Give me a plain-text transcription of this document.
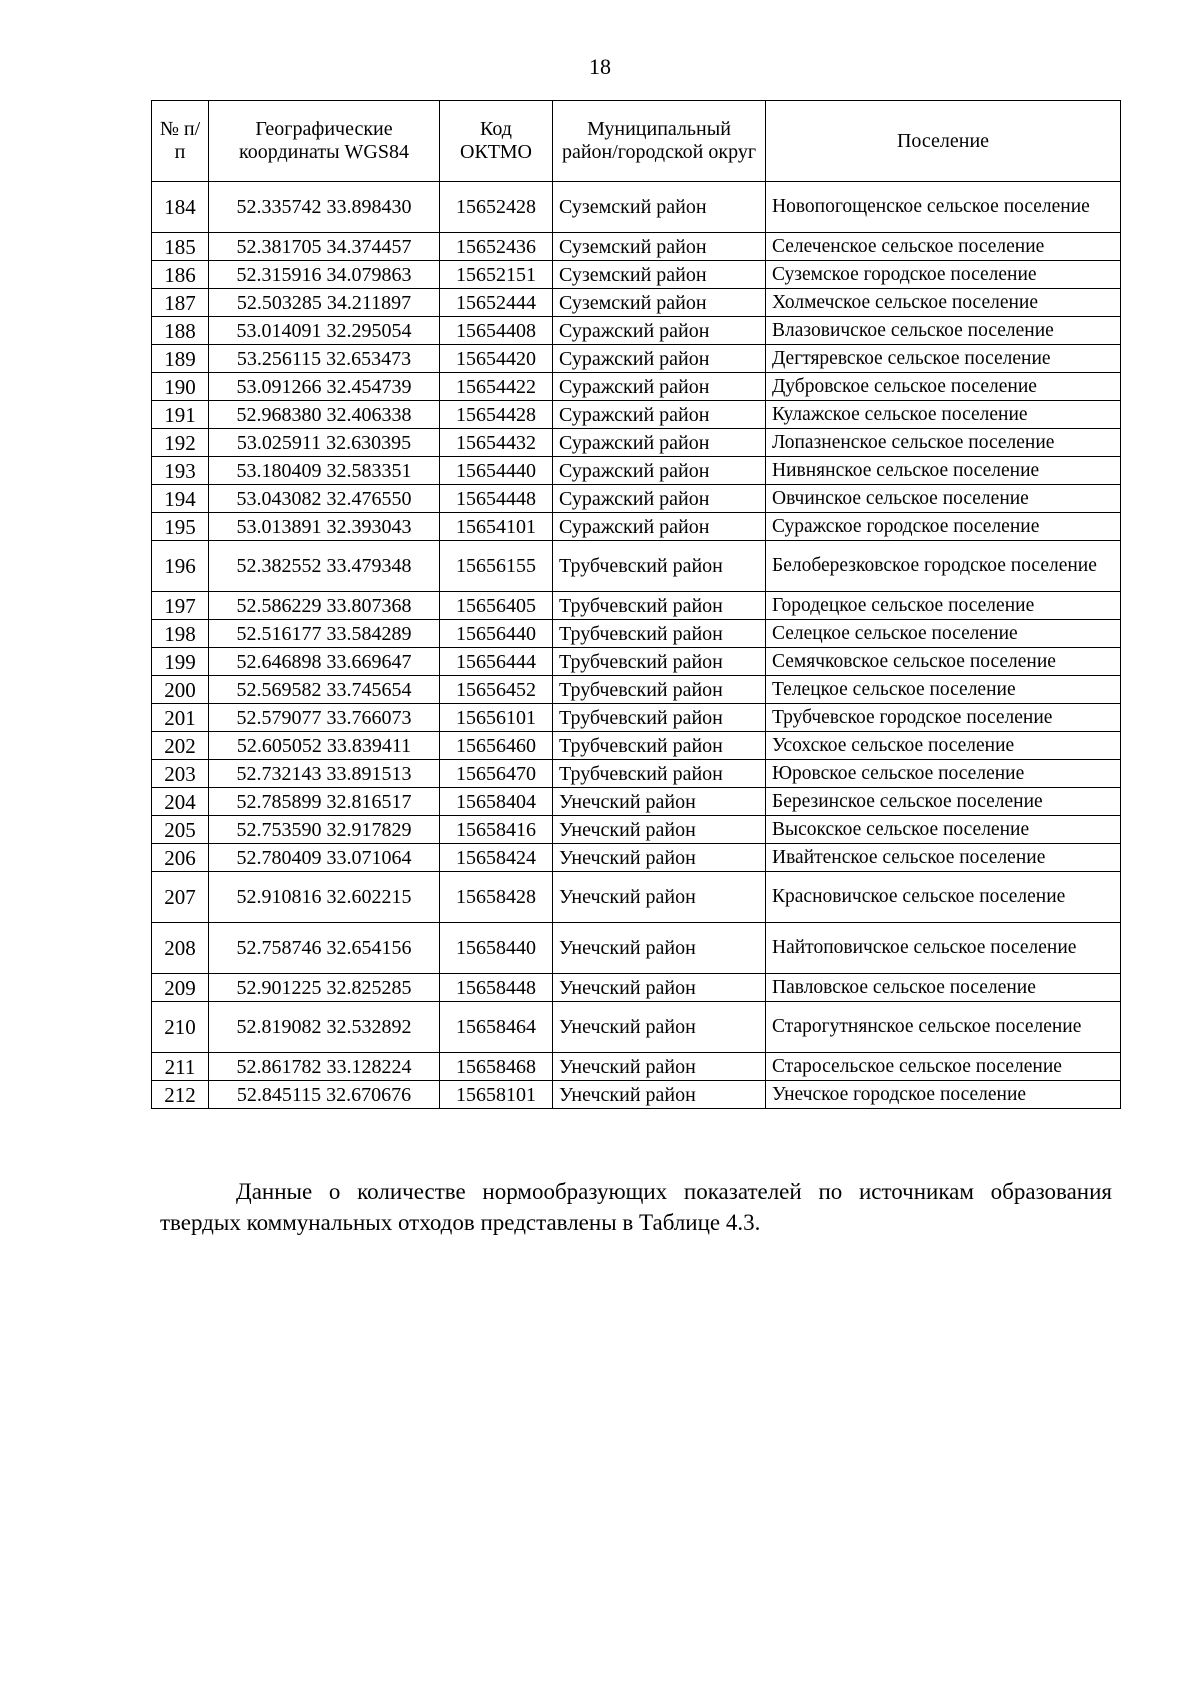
18
№ п/п	Географические координаты WGS84	Код ОКТМО	Муниципальный район/городской округ	Поселение
184	52.335742 33.898430	15652428	Суземский район	Новопогощенское сельское поселение
185	52.381705 34.374457	15652436	Суземский район	Селеченское сельское поселение
186	52.315916 34.079863	15652151	Суземский район	Суземское городское поселение
187	52.503285 34.211897	15652444	Суземский район	Холмечское сельское поселение
188	53.014091 32.295054	15654408	Суражский район	Влазовичское сельское поселение
189	53.256115 32.653473	15654420	Суражский район	Дегтяревское сельское поселение
190	53.091266 32.454739	15654422	Суражский район	Дубровское сельское поселение
191	52.968380 32.406338	15654428	Суражский район	Кулажское сельское поселение
192	53.025911 32.630395	15654432	Суражский район	Лопазненское сельское поселение
193	53.180409 32.583351	15654440	Суражский район	Нивнянское сельское поселение
194	53.043082 32.476550	15654448	Суражский район	Овчинское сельское поселение
195	53.013891 32.393043	15654101	Суражский район	Суражское городское поселение
196	52.382552 33.479348	15656155	Трубчевский район	Белоберезковское городское поселение
197	52.586229 33.807368	15656405	Трубчевский район	Городецкое сельское поселение
198	52.516177 33.584289	15656440	Трубчевский район	Селецкое сельское поселение
199	52.646898 33.669647	15656444	Трубчевский район	Семячковское сельское поселение
200	52.569582 33.745654	15656452	Трубчевский район	Телецкое сельское поселение
201	52.579077 33.766073	15656101	Трубчевский район	Трубчевское городское поселение
202	52.605052 33.839411	15656460	Трубчевский район	Усохское сельское поселение
203	52.732143 33.891513	15656470	Трубчевский район	Юровское сельское поселение
204	52.785899 32.816517	15658404	Унечский район	Березинское сельское поселение
205	52.753590 32.917829	15658416	Унечский район	Высокское сельское поселение
206	52.780409 33.071064	15658424	Унечский район	Ивайтенское сельское поселение
207	52.910816 32.602215	15658428	Унечский район	Красновичское сельское поселение
208	52.758746 32.654156	15658440	Унечский район	Найтоповичское сельское поселение
209	52.901225 32.825285	15658448	Унечский район	Павловское сельское поселение
210	52.819082 32.532892	15658464	Унечский район	Старогутнянское сельское поселение
211	52.861782 33.128224	15658468	Унечский район	Старосельское сельское поселение
212	52.845115 32.670676	15658101	Унечский район	Унечское городское поселение

Данные о количестве нормообразующих показателей по источникам образования твердых коммунальных отходов представлены в Таблице 4.3.
